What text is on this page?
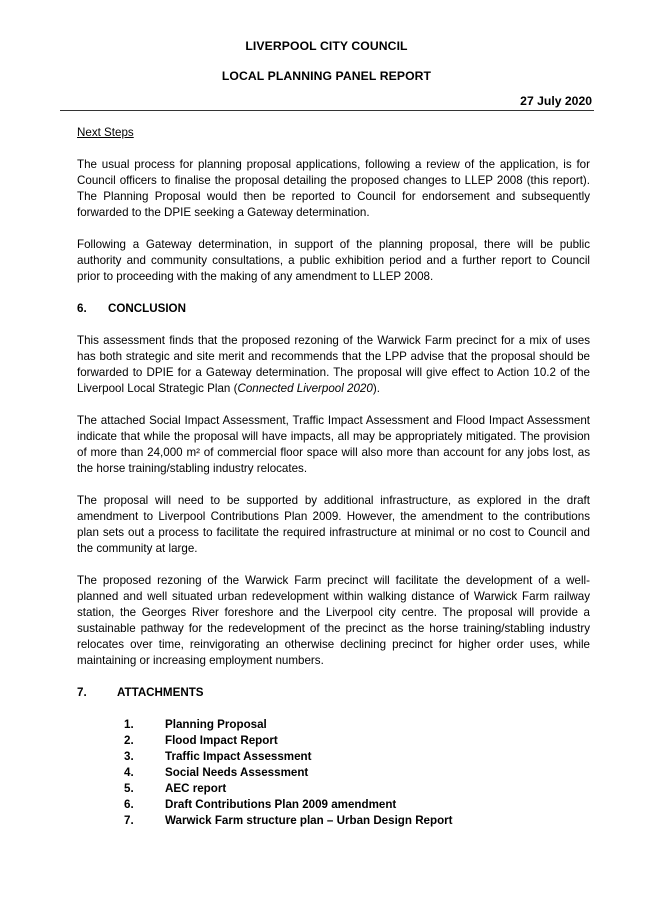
LIVERPOOL CITY COUNCIL
LOCAL PLANNING PANEL REPORT
27 July 2020

Next Steps

The usual process for planning proposal applications, following a review of the application, is for Council officers to finalise the proposal detailing the proposed changes to LLEP 2008 (this report). The Planning Proposal would then be reported to Council for endorsement and subsequently forwarded to the DPIE seeking a Gateway determination.

Following a Gateway determination, in support of the planning proposal, there will be public authority and community consultations, a public exhibition period and a further report to Council prior to proceeding with the making of any amendment to LLEP 2008.

6.	CONCLUSION

This assessment finds that the proposed rezoning of the Warwick Farm precinct for a mix of uses has both strategic and site merit and recommends that the LPP advise that the proposal should be forwarded to DPIE for a Gateway determination. The proposal will give effect to Action 10.2 of the Liverpool Local Strategic Plan (Connected Liverpool 2020).

The attached Social Impact Assessment, Traffic Impact Assessment and Flood Impact Assessment indicate that while the proposal will have impacts, all may be appropriately mitigated. The provision of more than 24,000 m² of commercial floor space will also more than account for any jobs lost, as the horse training/stabling industry relocates.

The proposal will need to be supported by additional infrastructure, as explored in the draft amendment to Liverpool Contributions Plan 2009. However, the amendment to the contributions plan sets out a process to facilitate the required infrastructure at minimal or no cost to Council and the community at large.

The proposed rezoning of the Warwick Farm precinct will facilitate the development of a well-planned and well situated urban redevelopment within walking distance of Warwick Farm railway station, the Georges River foreshore and the Liverpool city centre. The proposal will provide a sustainable pathway for the redevelopment of the precinct as the horse training/stabling industry relocates over time, reinvigorating an otherwise declining precinct for higher order uses, while maintaining or increasing employment numbers.

7.	ATTACHMENTS
1.	Planning Proposal
2.	Flood Impact Report
3.	Traffic Impact Assessment
4.	Social Needs Assessment
5.	AEC report
6.	Draft Contributions Plan 2009 amendment
7.	Warwick Farm structure plan – Urban Design Report
